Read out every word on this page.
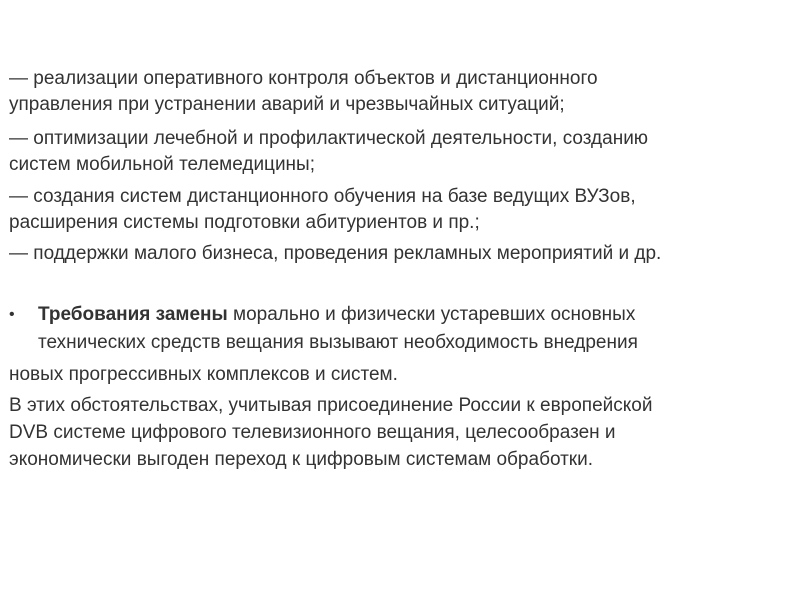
— реализации оперативного контроля объектов и дистанционного

управления при устранении аварий и чрезвычайных ситуаций;

— оптимизации лечебной и профилактической деятельности, созданию

систем мобильной телемедицины;

— создания систем дистанционного обучения на базе ведущих ВУЗов,

расширения системы подготовки абитуриентов и пр.;

— поддержки малого бизнеса, проведения рекламных мероприятий и др.

• Требования замены морально и физически устаревших основных

технических средств вещания вызывают необходимость внедрения

новых прогрессивных комплексов и систем.

В этих обстоятельствах, учитывая присоединение России к европейской

DVB системе цифрового телевизионного вещания, целесообразен и

экономически выгоден переход к цифровым системам обработки.
